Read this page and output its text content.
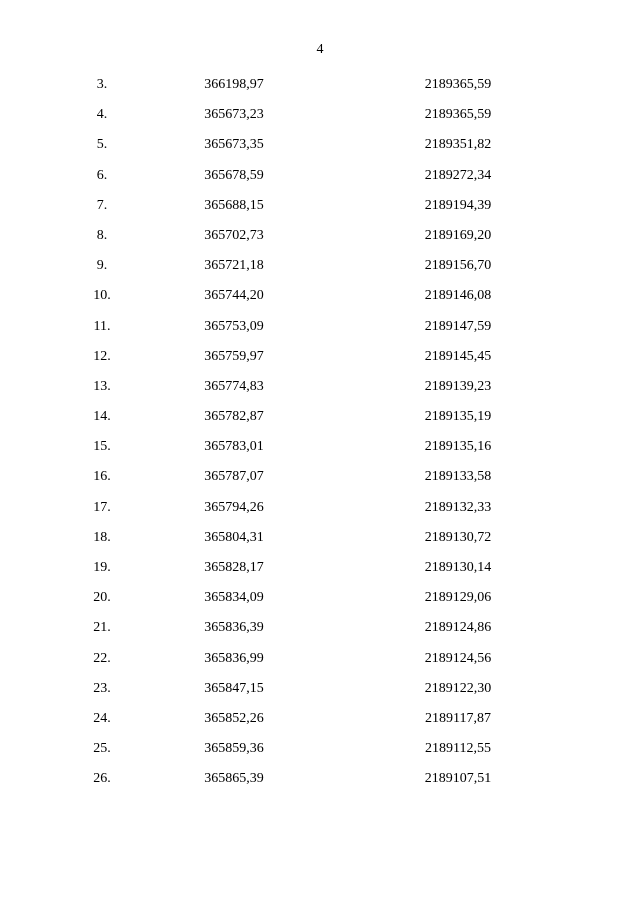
4
3.	366198,97	2189365,59
4.	365673,23	2189365,59
5.	365673,35	2189351,82
6.	365678,59	2189272,34
7.	365688,15	2189194,39
8.	365702,73	2189169,20
9.	365721,18	2189156,70
10.	365744,20	2189146,08
11.	365753,09	2189147,59
12.	365759,97	2189145,45
13.	365774,83	2189139,23
14.	365782,87	2189135,19
15.	365783,01	2189135,16
16.	365787,07	2189133,58
17.	365794,26	2189132,33
18.	365804,31	2189130,72
19.	365828,17	2189130,14
20.	365834,09	2189129,06
21.	365836,39	2189124,86
22.	365836,99	2189124,56
23.	365847,15	2189122,30
24.	365852,26	2189117,87
25.	365859,36	2189112,55
26.	365865,39	2189107,51
